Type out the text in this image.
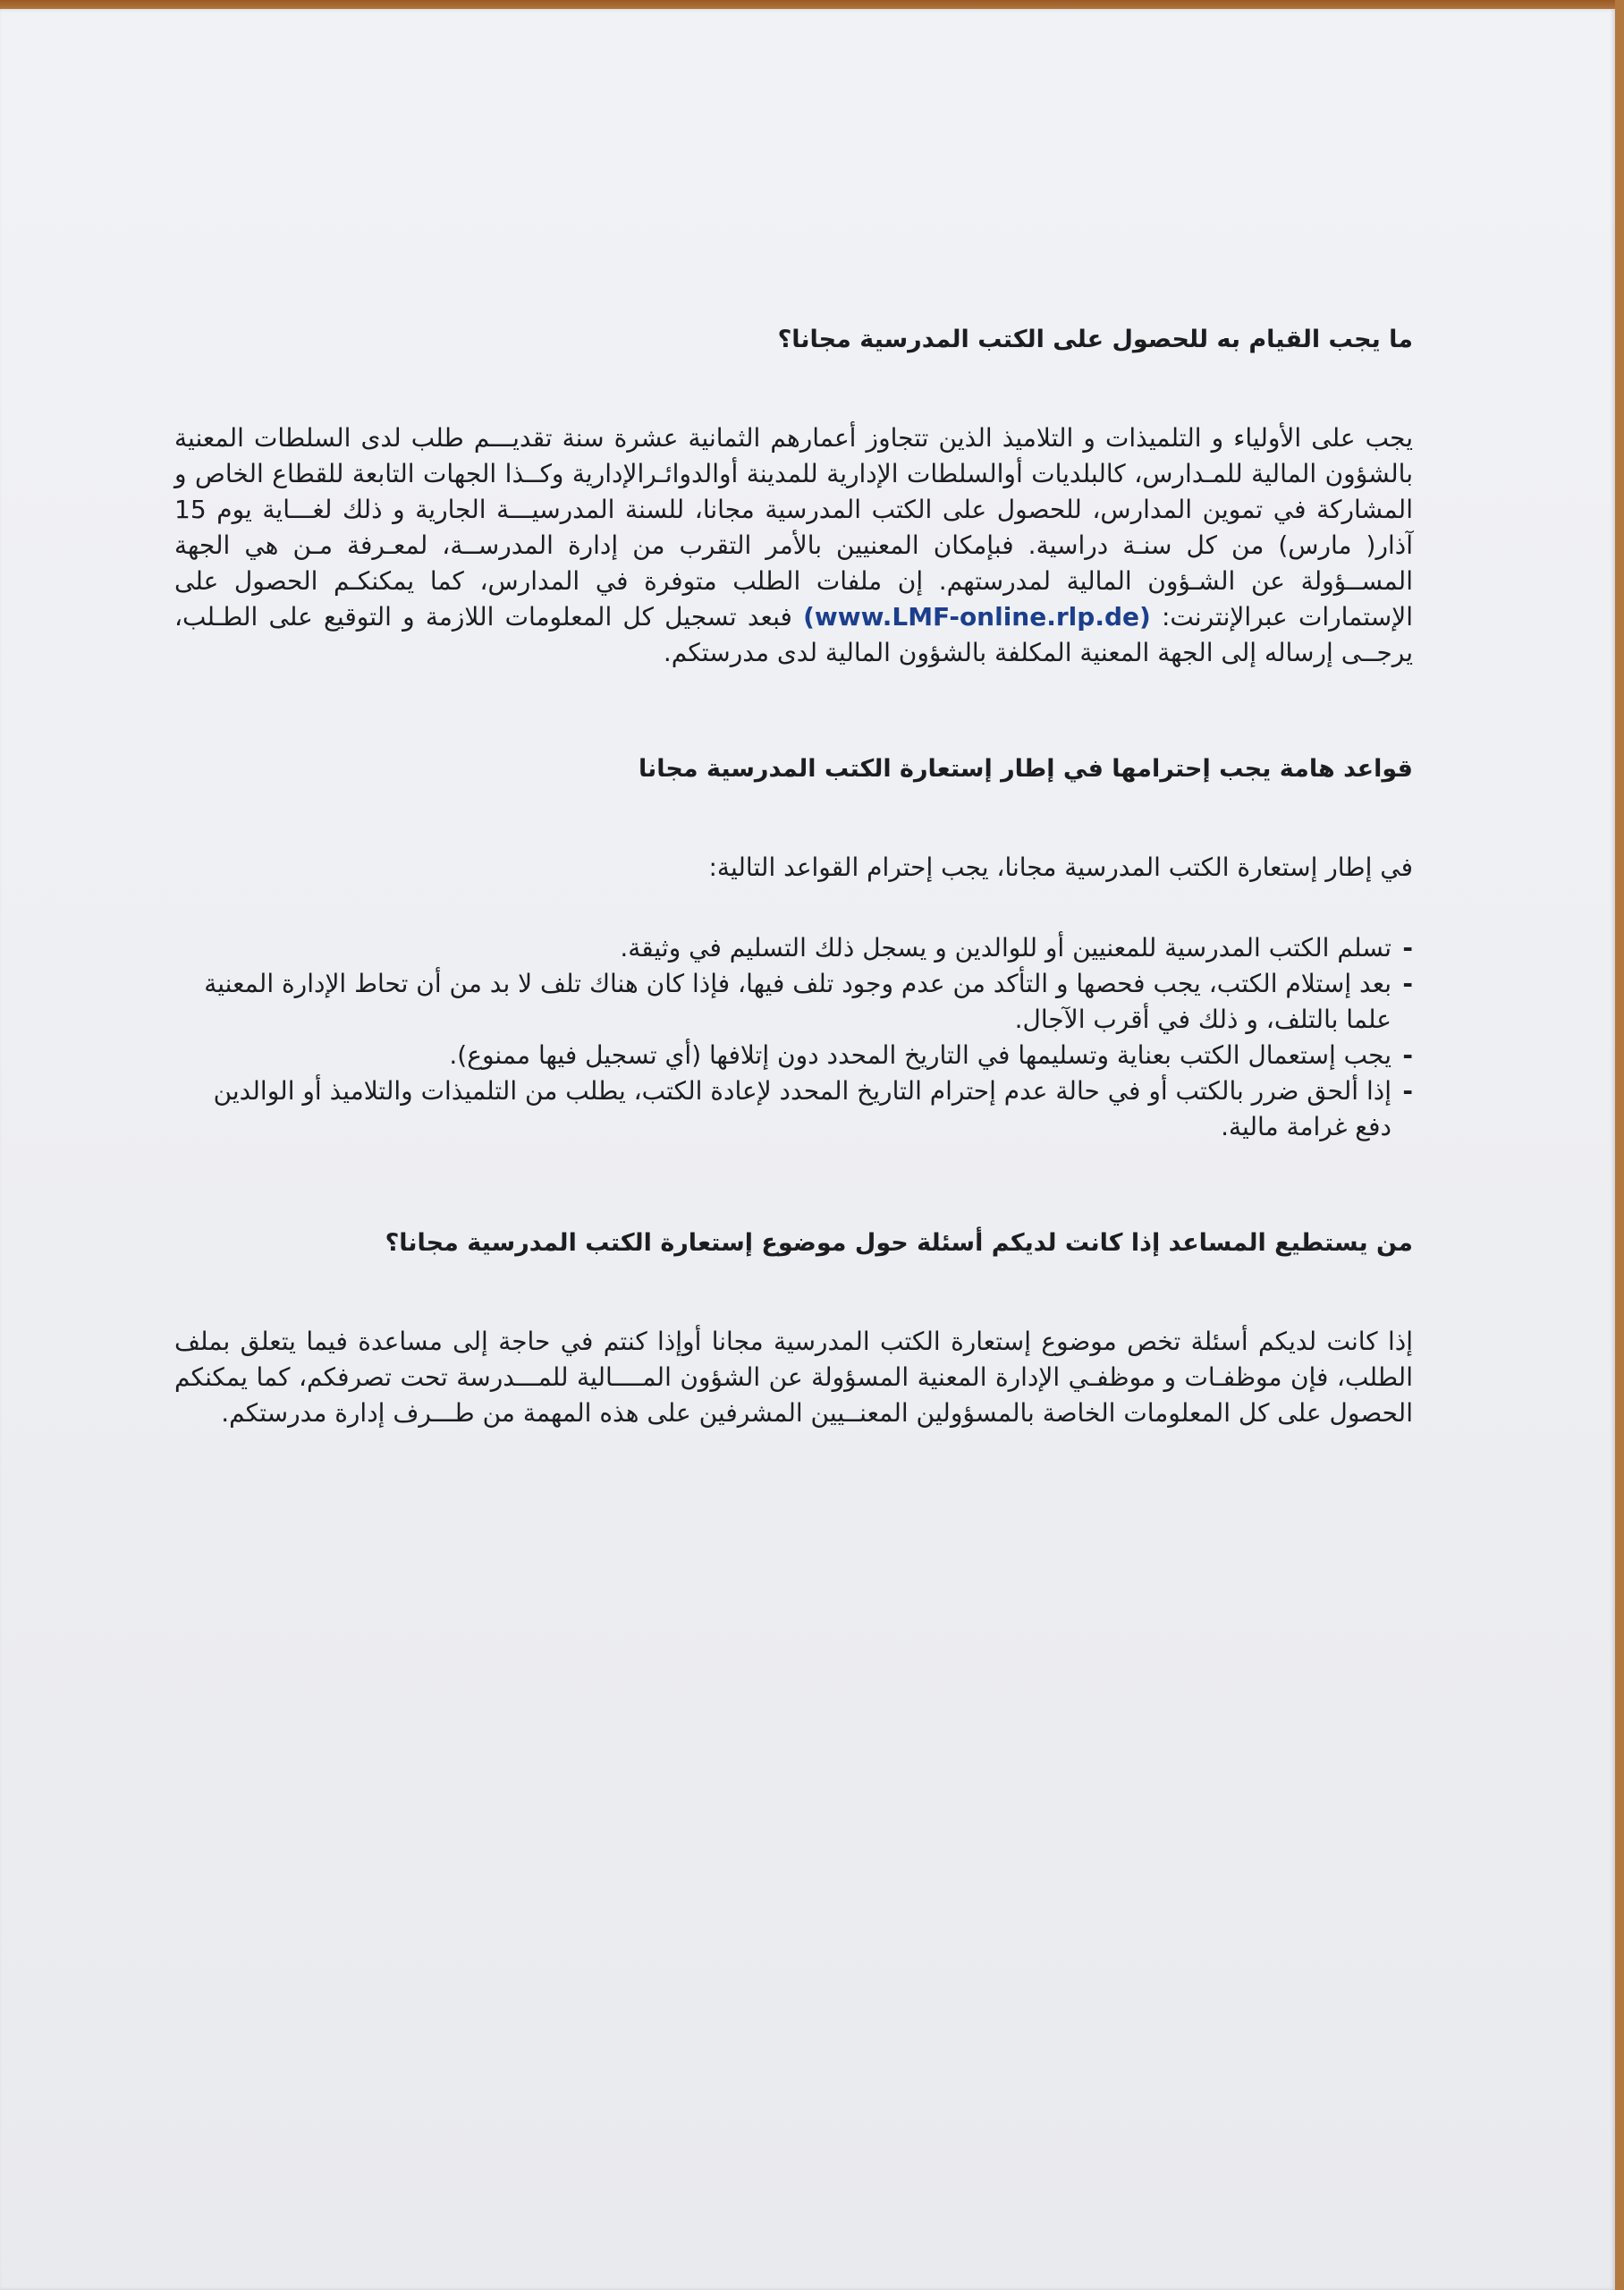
ما يجب القيام به للحصول على الكتب المدرسية مجانا؟

يجب على الأولياء و التلميذات و التلاميذ الذين تتجاوز أعمارهم الثمانية عشرة سنة تقديـــم طلب لدى السلطات المعنية بالشؤون المالية للمـدارس، كالبلديات أوالسلطات الإدارية للمدينة أوالدوائـرالإدارية وكــذا الجهات التابعة للقطاع الخاص و المشاركة في تموين المدارس، للحصول على الكتب المدرسية مجانا، للسنة المدرسيـــة الجارية و ذلك لغـــاية يوم 15 آذار( مارس) من كل سنـة دراسية. فبإمكان المعنيين بالأمر التقرب من إدارة المدرســة، لمعـرفة مـن هي الجهة المســؤولة عن الشـؤون المالية لمدرستهم. إن ملفات الطلب متوفرة في المدارس، كما يمكنكـم الحصول على الإستمارات عبرالإنترنت: (www.LMF-online.rlp.de) فبعد تسجيل كل المعلومات اللازمة و التوقيع على الطـلب، يرجــى إرساله إلى الجهة المعنية المكلفة بالشؤون المالية لدى مدرستكم.

قواعد هامة يجب إحترامها في إطار إستعارة الكتب المدرسية مجانا

في إطار إستعارة الكتب المدرسية مجانا، يجب إحترام القواعد التالية:

-
تسلم الكتب المدرسية للمعنيين أو للوالدين و يسجل ذلك التسليم في وثيقة.
-
بعد إستلام الكتب، يجب فحصها و التأكد من عدم وجود تلف فيها، فإذا كان هناك تلف لا بد من أن تحاط الإدارة المعنية علما بالتلف، و ذلك في أقرب الآجال.
-
يجب إستعمال الكتب بعناية وتسليمها في التاريخ المحدد دون إتلافها (أي تسجيل فيها ممنوع).
-
إذا ألحق ضرر بالكتب أو في حالة عدم إحترام التاريخ المحدد لإعادة الكتب، يطلب من التلميذات والتلاميذ أو الوالدين دفع غرامة مالية.
من يستطيع المساعد إذا كانت لديكم أسئلة حول موضوع إستعارة الكتب المدرسية مجانا؟

إذا كانت لديكم أسئلة تخص موضوع إستعارة الكتب المدرسية مجانا أوإذا كنتم في حاجة إلى مساعدة فيما يتعلق بملف الطلب، فإن موظفـات و موظفـي الإدارة المعنية المسؤولة عن الشؤون المــــالية للمـــدرسة تحت تصرفكم، كما يمكنكم الحصول على كل المعلومات الخاصة بالمسؤولين المعنــيين المشرفين على هذه المهمة من طـــرف إدارة مدرستكم.
